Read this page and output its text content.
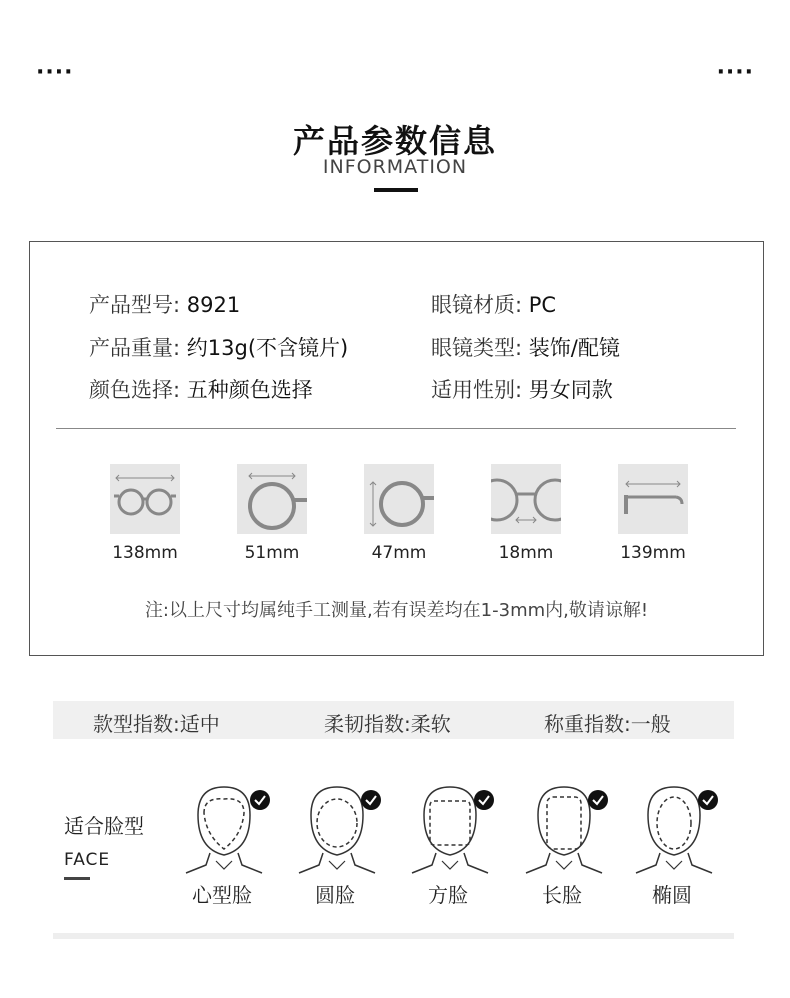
····	····
产品参数信息
INFORMATION
产品型号: 8921	眼镜材质: PC
产品重量: 约13g(不含镜片)	眼镜类型: 装饰/配镜
颜色选择: 五种颜色选择	适用性别: 男女同款
138mm	51mm	47mm	18mm	139mm
注:以上尺寸均属纯手工测量,若有误差均在1-3mm内,敬请谅解!
款型指数:适中	柔韧指数:柔软	称重指数:一般
适合脸型
FACE
心型脸	圆脸	方脸	长脸	椭圆
